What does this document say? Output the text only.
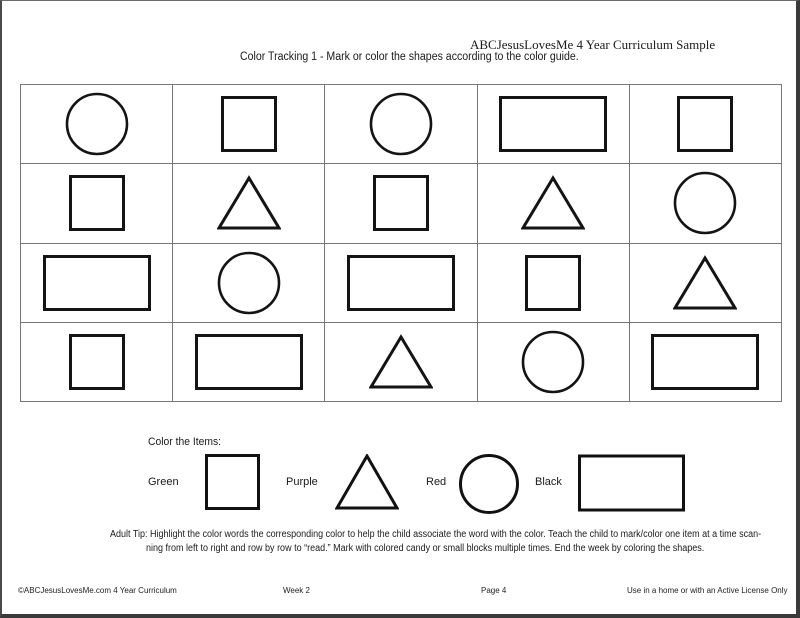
ABCJesusLovesMe 4 Year Curriculum Sample
Color Tracking 1 - Mark or color the shapes according to the color guide.
Color the Items:
Green	Purple	Red	Black
Adult Tip: Highlight the color words the corresponding color to help the child associate the word with the color. Teach the child to mark/color one item at a time scan-
ning from left to right and row by row to “read.” Mark with colored candy or small blocks multiple times. End the week by coloring the shapes.
©ABCJesusLovesMe.com 4 Year Curriculum	Week 2	Page 4	Use in a home or with an Active License Only
